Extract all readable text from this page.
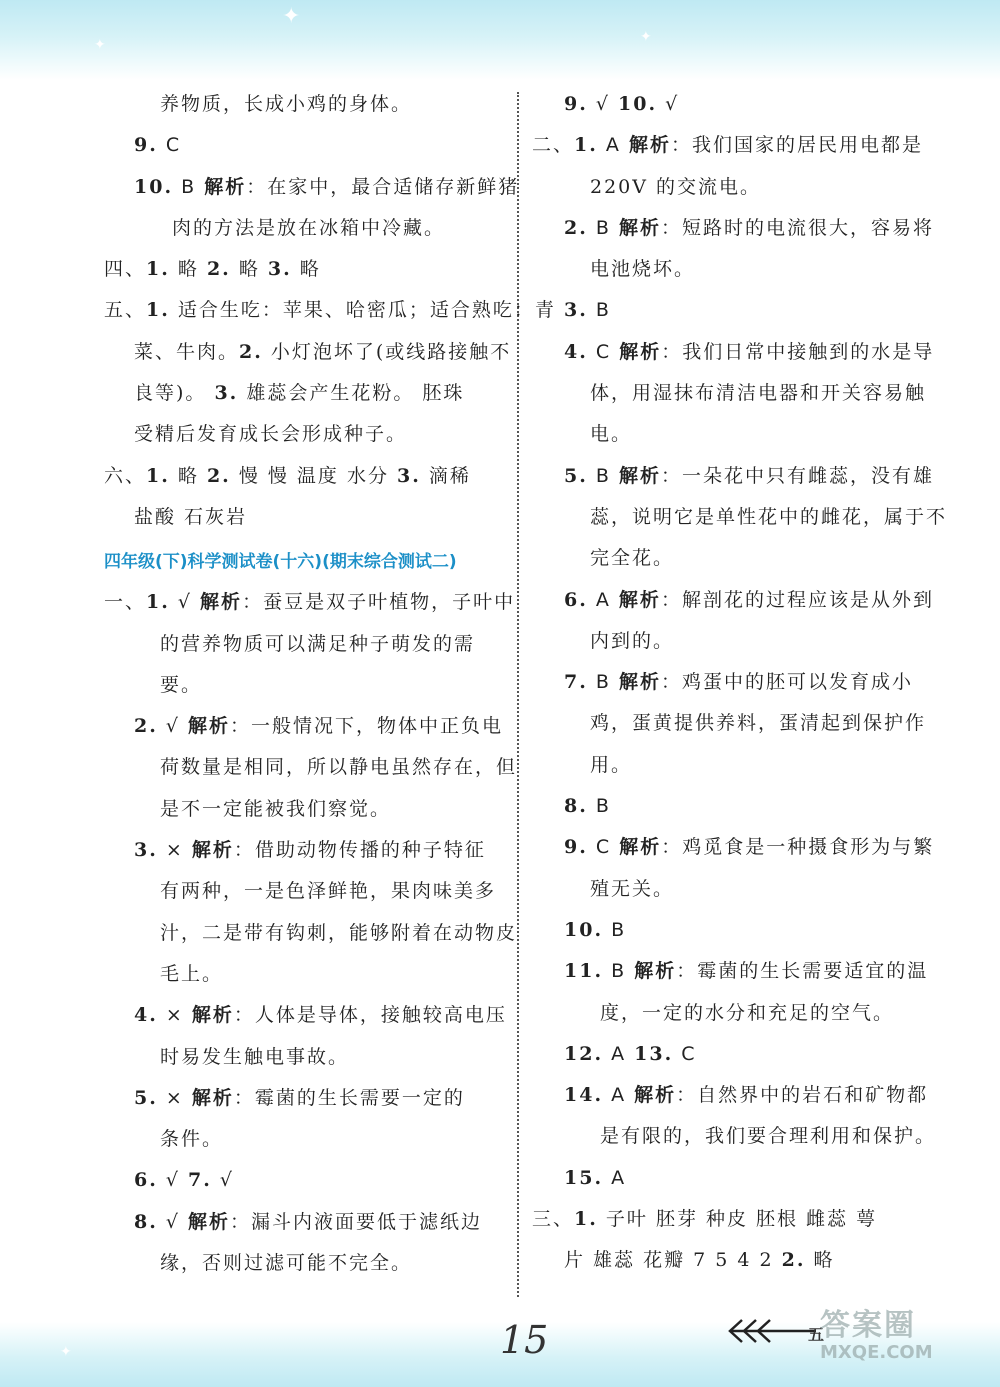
✦
✦	✦
✦
养物质，长成小鸡的身体。
9. C
10. B 解析：在家中，最合适储存新鲜猪
肉的方法是放在冰箱中冷藏。
四、1. 略 2. 略 3. 略
五、1. 适合生吃：苹果、哈密瓜；适合熟吃：青
菜、牛肉。2. 小灯泡坏了(或线路接触不
良等)。 3. 雄蕊会产生花粉。 胚珠
受精后发育成长会形成种子。
六、1. 略 2. 慢 慢 温度 水分 3. 滴稀
盐酸 石灰岩
四年级(下)科学测试卷(十六)(期末综合测试二)
一、1. √ 解析：蚕豆是双子叶植物，子叶中
的营养物质可以满足种子萌发的需
要。
2. √ 解析：一般情况下，物体中正负电
荷数量是相同，所以静电虽然存在，但
是不一定能被我们察觉。
3. × 解析：借助动物传播的种子特征
有两种，一是色泽鲜艳，果肉味美多
汁，二是带有钩刺，能够附着在动物皮
毛上。
4. × 解析：人体是导体，接触较高电压
时易发生触电事故。
5. × 解析：霉菌的生长需要一定的
条件。
6. √ 7. √
8. √ 解析：漏斗内液面要低于滤纸边
缘，否则过滤可能不完全。
9. √ 10. √
二、1. A 解析：我们国家的居民用电都是
220V 的交流电。
2. B 解析：短路时的电流很大，容易将
电池烧坏。
3. B
4. C 解析：我们日常中接触到的水是导
体，用湿抹布清洁电器和开关容易触
电。
5. B 解析：一朵花中只有雌蕊，没有雄
蕊，说明它是单性花中的雌花，属于不
完全花。
6. A 解析：解剖花的过程应该是从外到
内到的。
7. B 解析：鸡蛋中的胚可以发育成小
鸡，蛋黄提供养料，蛋清起到保护作
用。
8. B
9. C 解析：鸡觅食是一种摄食形为与繁
殖无关。
10. B
11. B 解析：霉菌的生长需要适宜的温
度，一定的水分和充足的空气。
12. A 13. C
14. A 解析：自然界中的岩石和矿物都
是有限的，我们要合理利用和保护。
15. A
三、1. 子叶 胚芽 种皮 胚根 雌蕊 萼
片 雄蕊 花瓣 7 5 4 2 2. 略
15	五
答案圈
MXQE.COM
